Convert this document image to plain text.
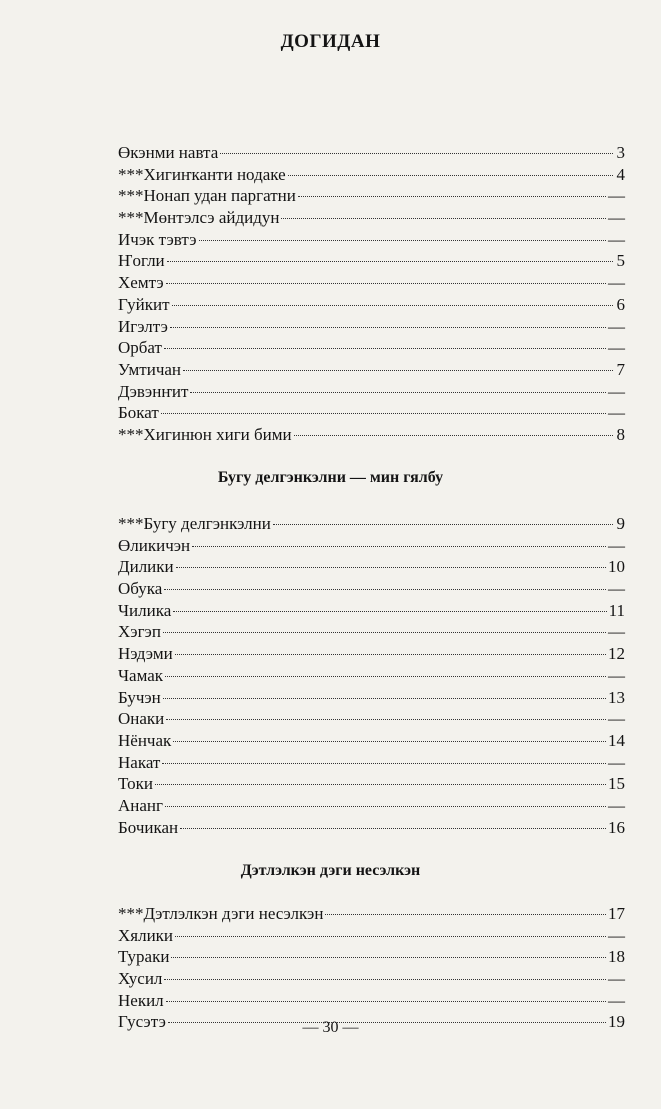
ДОГИДАН
Өкэнми навта	3
***Хигиҥканти нодаке	4
***Нонап удан паргатни	—
***Мөнтэлсэ айдидун	—
Ичэк тэвтэ	—
Ҥогли	5
Хемтэ	—
Гуйкит	6
Игэлтэ	—
Орбат	—
Умтичан	7
Дэвэнҥит	—
Бокат	—
***Хигинюн хиги бими	8
Бугу делгэнкэлни — мин гялбу
***Бугу делгэнкэлни	9
Өликичэн	—
Дилики	10
Обука	—
Чилика	11
Хэгэп	—
Нэдэми	12
Чамак	—
Бучэн	13
Онаки	—
Нёнчак	14
Накат	—
Токи	15
Ананг	—
Бочикан	16
Дэтлэлкэн дэги несэлкэн
***Дэтлэлкэн дэги несэлкэн	17
Хялики	—
Тураки	18
Хусил	—
Некил	—
Гусэтэ	19
— 30 —
